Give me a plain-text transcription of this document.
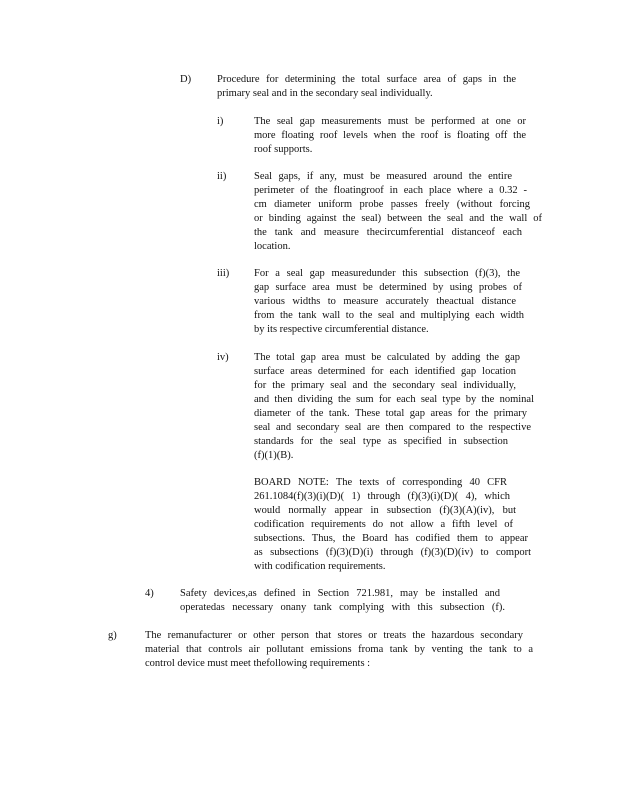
D) Procedure for determining the total surface area of gaps in the
primary seal and in the secondary seal individually.
i)	The seal gap measurements must be performed at one or
more floating roof levels when the roof is floating off the
roof supports.
ii)	Seal gaps, if any, must be measured around the entire
perimeter of the floatingroof in each place where a 0.32 -
cm diameter uniform probe passes freely (without forcing
or binding against the seal) between the seal and the wall of
the tank and measure thecircumferential distanceof each
location.
iii) For a seal gap measuredunder this subsection (f)(3), the
gap surface area must be determined by using probes of
various widths to measure accurately theactual distance
from the tank wall to the seal and multiplying each width
by its respective circumferential distance.
iv) The total gap area must be calculated by adding the gap
surface areas determined for each identified gap location
for the primary seal and the secondary seal individually,
and then dividing the sum for each seal type by the nominal
diameter of the tank. These total gap areas for the primary
seal and secondary seal are then compared to the respective
standards for the seal type as specified in subsection
(f)(1)(B).
BOARD NOTE: The texts of corresponding 40 CFR
261.1084(f)(3)(i)(D)( 1) through (f)(3)(i)(D)( 4), which
would normally appear in subsection (f)(3)(A)(iv), but
codification requirements do not allow a fifth level of
subsections. Thus, the Board has codified them to appear
as subsections (f)(3)(D)(i) through (f)(3)(D)(iv) to comport
with codification requirements.
4)	Safety devices,as defined in Section 721.981, may be installed and
operatedas necessary onany tank complying with this subsection (f).
g)	The remanufacturer or other person that stores or treats the hazardous secondary
material that controls air pollutant emissions froma tank by venting the tank to a
control device must meet thefollowing requirements :
